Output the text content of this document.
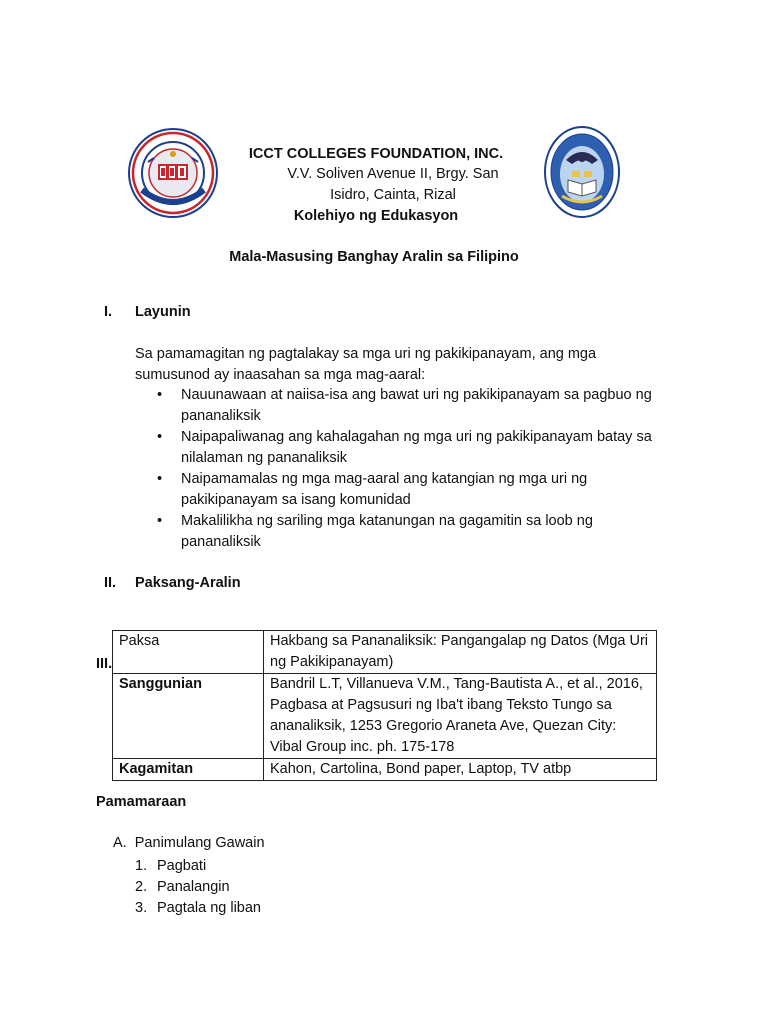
ICCT COLLEGES FOUNDATION, INC.
V.V. Soliven Avenue II, Brgy. San Isidro, Cainta, Rizal
Kolehiyo ng Edukasyon
Mala-Masusing Banghay Aralin sa Filipino
I. Layunin
Sa pamamagitan ng pagtalakay sa mga uri ng pakikipanayam, ang mga sumusunod ay inaasahan sa mga mag-aaral:
• Nauunawaan at naiisa-isa ang bawat uri ng pakikipanayam sa pagbuo ng pananaliksik
• Naipapaliwanag ang kahalagahan ng mga uri ng pakikipanayam batay sa nilalaman ng pananaliksik
• Naipamamalas ng mga mag-aaral ang katangian ng mga uri ng pakikipanayam sa isang komunidad
• Makalilikha ng sariling mga katanungan na gagamitin sa loob ng pananaliksik
II. Paksang-Aralin
Paksa	Hakbang sa Pananaliksik: Pangangalap ng Datos (Mga Uri ng Pakikipanayam)
Sanggunian	Bandril L.T, Villanueva V.M., Tang-Bautista A., et al., 2016, Pagbasa at Pagsusuri ng Iba't ibang Teksto Tungo sa ananaliksik, 1253 Gregorio Araneta Ave, Quezan City: Vibal Group inc. ph. 175-178
Kagamitan	Kahon, Cartolina, Bond paper, Laptop, TV atbp
III.
Pamamaraan
A. Panimulang Gawain
1. Pagbati
2. Panalangin
3. Pagtala ng liban
